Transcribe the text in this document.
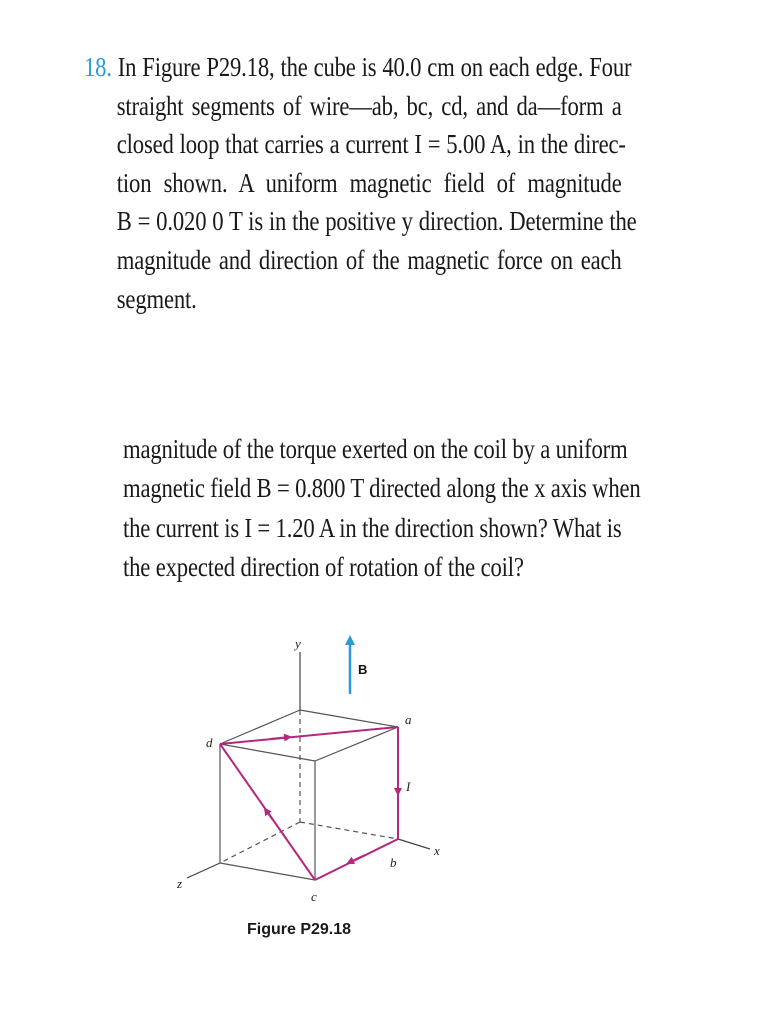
18. In Figure P29.18, the cube is 40.0 cm on each edge. Four
straight segments of wire—ab, bc, cd, and da—form a
closed loop that carries a current I = 5.00 A, in the direc-
tion shown. A uniform magnetic field of magnitude
B = 0.020 0 T is in the positive y direction. Determine the
magnitude and direction of the magnetic force on each
segment.
magnitude of the torque exerted on the coil by a uniform
magnetic field B = 0.800 T directed along the x axis when
the current is I = 1.20 A in the direction shown? What is
the expected direction of rotation of the coil?
y
B
a
d
I
x
b
z
c
Figure P29.18
